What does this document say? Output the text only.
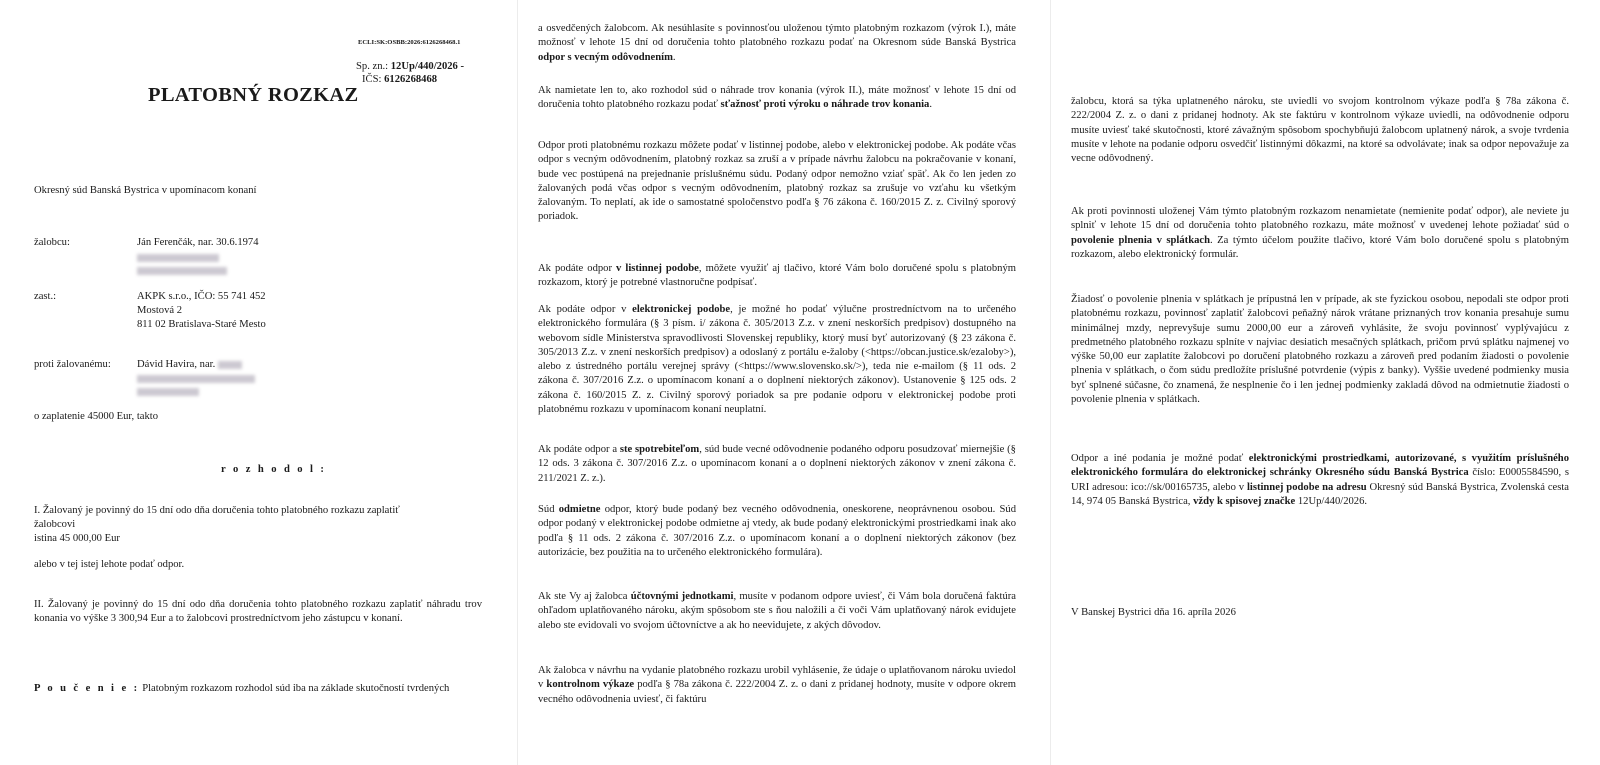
ECLI:SK:OSBB:2026:6126268468.1
Sp. zn.: 12Up/440/2026 -
IČS: 6126268468
PLATOBNÝ ROZKAZ
Okresný súd Banská Bystrica v upomínacom konaní
žalobcu:	Ján Ferenčák, nar. 30.6.1974
zast.:	AKPK s.r.o., IČO: 55 741 452
Mostová 2
811 02 Bratislava-Staré Mesto
proti žalovanému: Dávid Havira, nar.
o zaplatenie 45000 Eur, takto
r o z h o d o l :
I. Žalovaný je povinný do 15 dní odo dňa doručenia tohto platobného rozkazu zaplatiť
žalobcovi
istina 45 000,00 Eur
alebo v tej istej lehote podať odpor.
II. Žalovaný je povinný do 15 dní odo dňa doručenia tohto platobného rozkazu zaplatiť náhradu trov konania vo výške 3 300,94 Eur a to žalobcovi prostredníctvom jeho zástupcu v konaní.
P o u č e n i e : Platobným rozkazom rozhodol súd iba na základe skutočností tvrdených
a osvedčených žalobcom. Ak nesúhlasíte s povinnosťou uloženou týmto platobným rozkazom (výrok I.), máte možnosť v lehote 15 dní od doručenia tohto platobného rozkazu podať na Okresnom súde Banská Bystrica odpor s vecným odôvodnením.
Ak namietate len to, ako rozhodol súd o náhrade trov konania (výrok II.), máte možnosť v lehote 15 dní od doručenia tohto platobného rozkazu podať sťažnosť proti výroku o náhrade trov konania.
Odpor proti platobnému rozkazu môžete podať v listinnej podobe, alebo v elektronickej podobe. Ak podáte včas odpor s vecným odôvodnením, platobný rozkaz sa zruší a v prípade návrhu žalobcu na pokračovanie v konaní, bude vec postúpená na prejednanie príslušnému súdu. Podaný odpor nemožno vziať späť. Ak čo len jeden zo žalovaných podá včas odpor s vecným odôvodnením, platobný rozkaz sa zrušuje vo vzťahu ku všetkým žalovaným. To neplatí, ak ide o samostatné spoločenstvo podľa § 76 zákona č. 160/2015 Z. z. Civilný sporový poriadok.
Ak podáte odpor v listinnej podobe, môžete využiť aj tlačivo, ktoré Vám bolo doručené spolu s platobným rozkazom, ktorý je potrebné vlastnoručne podpísať.
Ak podáte odpor v elektronickej podobe, je možné ho podať výlučne prostredníctvom na to určeného elektronického formulára (§ 3 písm. i/ zákona č. 305/2013 Z.z. v znení neskorších predpisov) dostupného na webovom sídle Ministerstva spravodlivosti Slovenskej republiky, ktorý musí byť autorizovaný (§ 23 zákona č. 305/2013 Z.z. v znení neskorších predpisov) a odoslaný z portálu e-žaloby (<https://obcan.justice.sk/ezaloby>), alebo z ústredného portálu verejnej správy (<https://www.slovensko.sk/>), teda nie e-mailom (§ 11 ods. 2 zákona č. 307/2016 Z.z. o upomínacom konaní a o doplnení niektorých zákonov). Ustanovenie § 125 ods. 2 zákona č. 160/2015 Z. z. Civilný sporový poriadok sa pre podanie odporu v elektronickej podobe proti platobnému rozkazu v upomínacom konaní neuplatní.
Ak podáte odpor a ste spotrebiteľom, súd bude vecné odôvodnenie podaného odporu posudzovať miernejšie (§ 12 ods. 3 zákona č. 307/2016 Z.z. o upomínacom konaní a o doplnení niektorých zákonov v znení zákona č. 211/2021 Z. z.).
Súd odmietne odpor, ktorý bude podaný bez vecného odôvodnenia, oneskorene, neoprávnenou osobou. Súd odpor podaný v elektronickej podobe odmietne aj vtedy, ak bude podaný elektronickými prostriedkami inak ako podľa § 11 ods. 2 zákona č. 307/2016 Z.z. o upomínacom konaní a o doplnení niektorých zákonov (bez autorizácie, bez použitia na to určeného elektronického formulára).
Ak ste Vy aj žalobca účtovnými jednotkami, musíte v podanom odpore uviesť, či Vám bola doručená faktúra ohľadom uplatňovaného nároku, akým spôsobom ste s ňou naložili a či voči Vám uplatňovaný nárok evidujete alebo ste evidovali vo svojom účtovníctve a ak ho neevidujete, z akých dôvodov.
Ak žalobca v návrhu na vydanie platobného rozkazu urobil vyhlásenie, že údaje o uplatňovanom nároku uviedol v kontrolnom výkaze podľa § 78a zákona č. 222/2004 Z. z. o dani z pridanej hodnoty, musíte v odpore okrem vecného odôvodnenia uviesť, či faktúru
žalobcu, ktorá sa týka uplatneného nároku, ste uviedli vo svojom kontrolnom výkaze podľa § 78a zákona č. 222/2004 Z. z. o dani z pridanej hodnoty. Ak ste faktúru v kontrolnom výkaze uviedli, na odôvodnenie odporu musíte uviesť také skutočnosti, ktoré závažným spôsobom spochybňujú žalobcom uplatnený nárok, a svoje tvrdenia musíte v lehote na podanie odporu osvedčiť listinnými dôkazmi, na ktoré sa odvolávate; inak sa odpor nepovažuje za vecne odôvodnený.
Ak proti povinnosti uloženej Vám týmto platobným rozkazom nenamietate (nemienite podať odpor), ale neviete ju splniť v lehote 15 dní od doručenia tohto platobného rozkazu, máte možnosť v uvedenej lehote požiadať súd o povolenie plnenia v splátkach. Za týmto účelom použite tlačivo, ktoré Vám bolo doručené spolu s platobným rozkazom, alebo elektronický formulár.
Žiadosť o povolenie plnenia v splátkach je prípustná len v prípade, ak ste fyzickou osobou, nepodali ste odpor proti platobnému rozkazu, povinnosť zaplatiť žalobcovi peňažný nárok vrátane priznaných trov konania presahuje sumu minimálnej mzdy, neprevyšuje sumu 2000,00 eur a zároveň vyhlásite, že svoju povinnosť vyplývajúcu z predmetného platobného rozkazu splníte v najviac desiatich mesačných splátkach, pričom prvú splátku najmenej vo výške 50,00 eur zaplatíte žalobcovi po doručení platobného rozkazu a zároveň pred podaním žiadosti o povolenie plnenia v splátkach, o čom súdu predložíte príslušné potvrdenie (výpis z banky). Vyššie uvedené podmienky musia byť splnené súčasne, čo znamená, že nesplnenie čo i len jednej podmienky zakladá dôvod na odmietnutie žiadosti o povolenie plnenia v splátkach.
Odpor a iné podania je možné podať elektronickými prostriedkami, autorizované, s využitím príslušného elektronického formulára do elektronickej schránky Okresného súdu Banská Bystrica číslo: E0005584590, s URI adresou: ico://sk/00165735, alebo v listinnej podobe na adresu Okresný súd Banská Bystrica, Zvolenská cesta 14, 974 05 Banská Bystrica, vždy k spisovej značke 12Up/440/2026.
V Banskej Bystrici dňa 16. apríla 2026
